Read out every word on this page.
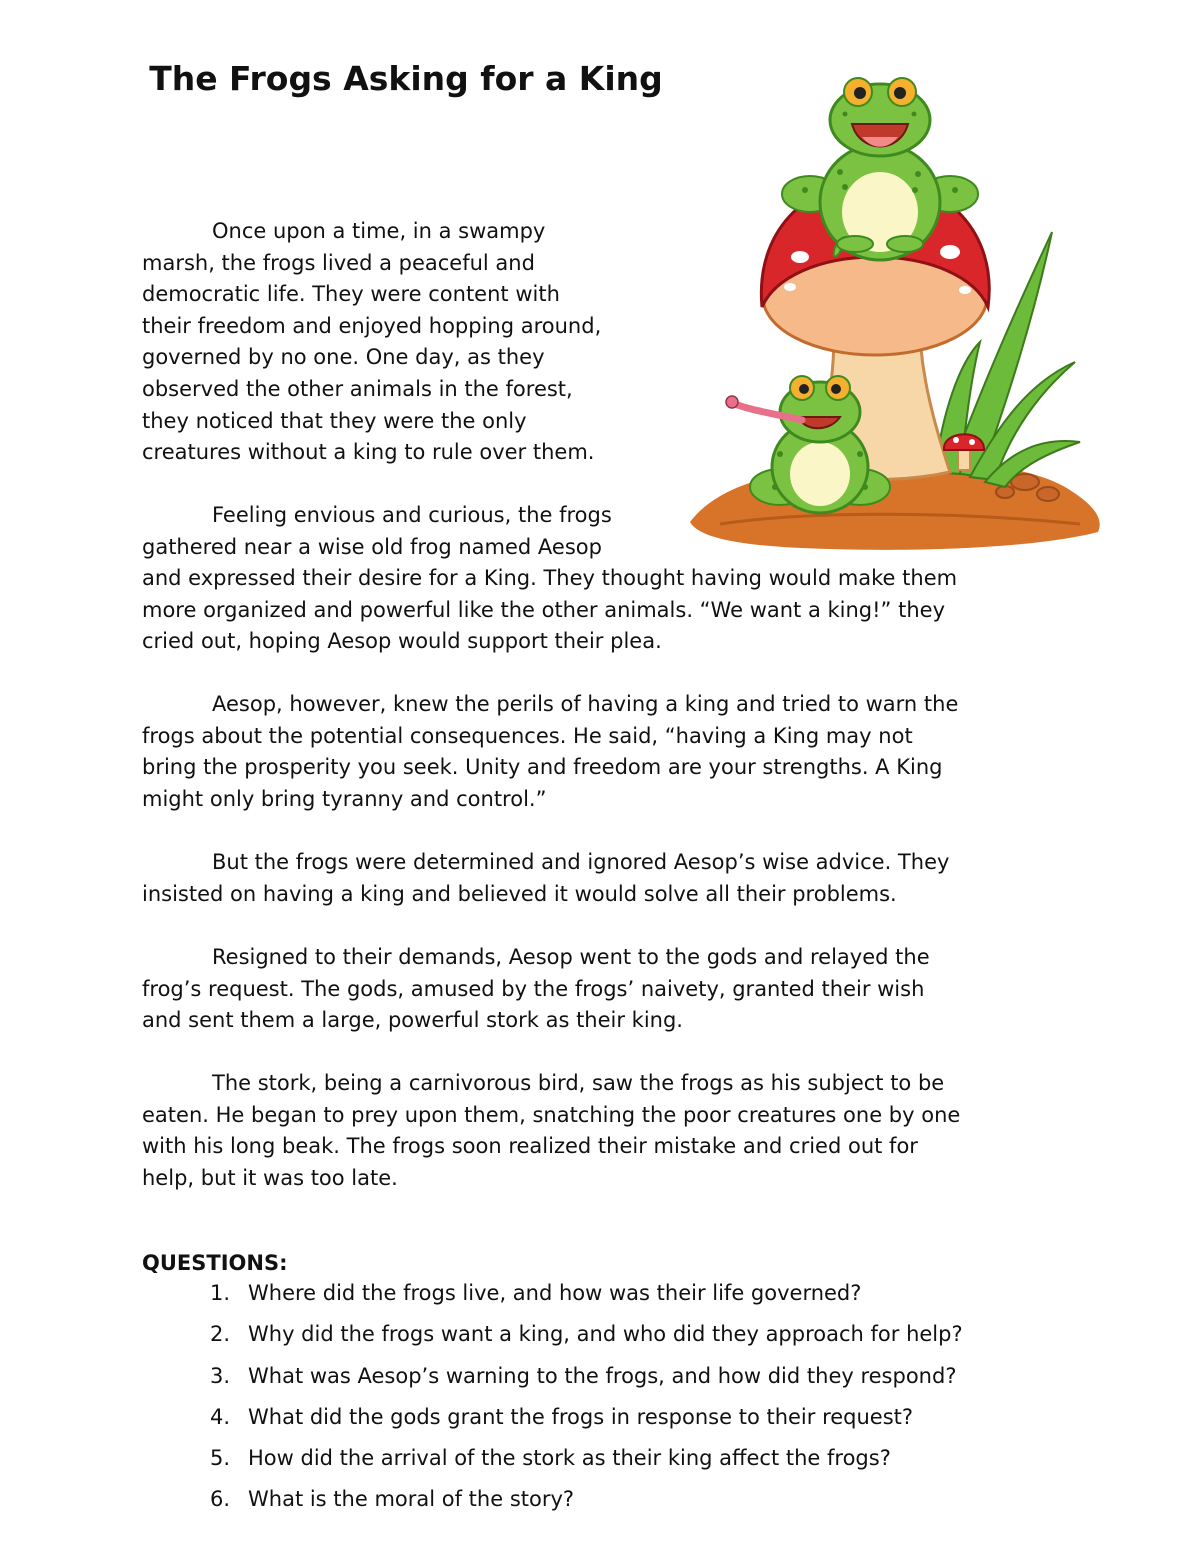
The Frogs Asking for a King

Once upon a time, in a swampy

marsh, the frogs lived a peaceful and

democratic life. They were content with

their freedom and enjoyed hopping around,

governed by no one. One day, as they

observed the other animals in the forest,

they noticed that they were the only

creatures without a king to rule over them.

Feeling envious and curious, the frogs

gathered near a wise old frog named Aesop

and expressed their desire for a King. They thought having would make them

more organized and powerful like the other animals. “We want a king!” they

cried out, hoping Aesop would support their plea.

Aesop, however, knew the perils of having a king and tried to warn the

frogs about the potential consequences. He said, “having a King may not

bring the prosperity you seek. Unity and freedom are your strengths. A King

might only bring tyranny and control.”

But the frogs were determined and ignored Aesop’s wise advice. They

insisted on having a king and believed it would solve all their problems.

Resigned to their demands, Aesop went to the gods and relayed the

frog’s request. The gods, amused by the frogs’ naivety, granted their wish

and sent them a large, powerful stork as their king.

The stork, being a carnivorous bird, saw the frogs as his subject to be

eaten. He began to prey upon them, snatching the poor creatures one by one

with his long beak. The frogs soon realized their mistake and cried out for

help, but it was too late.

QUESTIONS:
1. Where did the frogs live, and how was their life governed?
2. Why did the frogs want a king, and who did they approach for help?
3. What was Aesop’s warning to the frogs, and how did they respond?
4. What did the gods grant the frogs in response to their request?
5. How did the arrival of the stork as their king affect the frogs?
6. What is the moral of the story?
